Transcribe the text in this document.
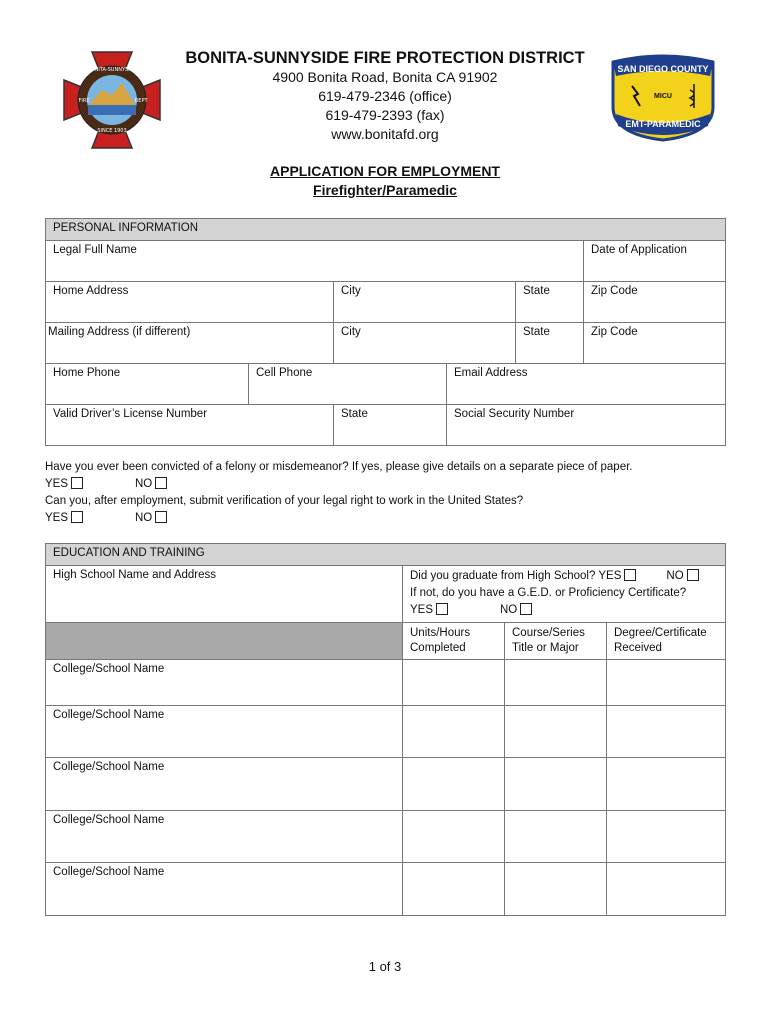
BONITA-SUNNYSIDE
FIRE	DEPT
SINCE 1903
SAN DIEGO COUNTY
MICU
EMT-PARAMEDIC
BONITA-SUNNYSIDE FIRE PROTECTION DISTRICT
4900 Bonita Road, Bonita CA 91902
619-479-2346 (office)
619-479-2393 (fax)
www.bonitafd.org
APPLICATION FOR EMPLOYMENT
Firefighter/Paramedic
PERSONAL INFORMATION					
Legal Full Name					Date of Application
Home Address		City		State	Zip Code
Mailing Address (if different)		City		State	Zip Code
Home Phone	Cell Phone		Email Address		
Valid Driver’s License Number		State	Social Security Number		
Have you ever been convicted of a felony or misdemeanor? If yes, please give details on a separate piece of paper.
YES	NO
Can you, after employment, submit verification of your legal right to work in the United States?
YES	NO
EDUCATION AND TRAINING			
High School Name and Address	Did you graduate from High School? YES NO
If not, do you have a G.E.D. or Proficiency Certificate?
YES NO		

	Units/Hours Completed	Course/Series Title or Major	Degree/Certificate Received
College/School Name			
College/School Name			
College/School Name			
College/School Name			
College/School Name			
1 of 3
